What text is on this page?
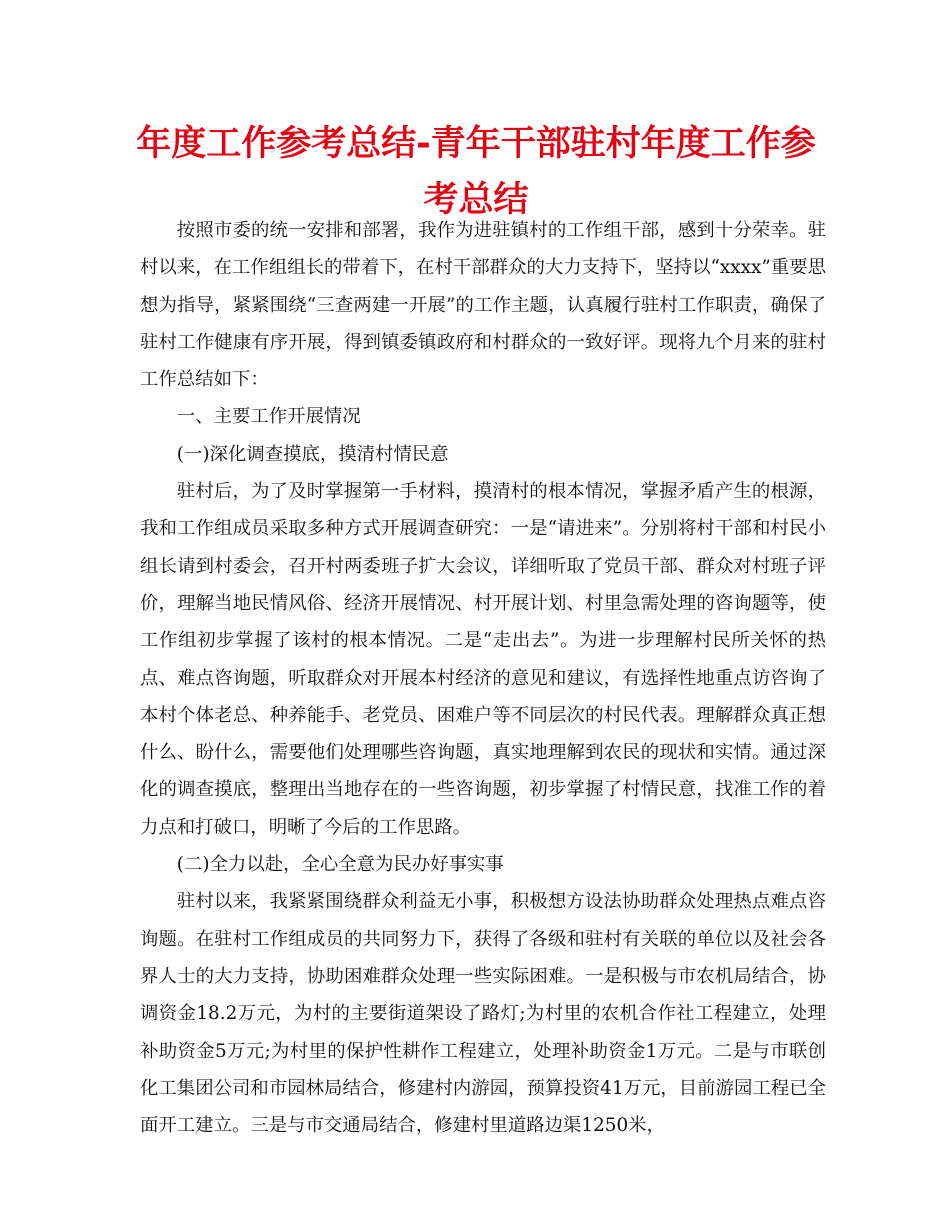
年度工作参考总结-青年干部驻村年度工作参考总结

按照市委的统一安排和部署，我作为进驻镇村的工作组干部，感到十分荣幸。驻村以来，在工作组组长的带着下，在村干部群众的大力支持下，坚持以“xxxx”重要思想为指导，紧紧围绕“三查两建一开展”的工作主题，认真履行驻村工作职责，确保了驻村工作健康有序开展，得到镇委镇政府和村群众的一致好评。现将九个月来的驻村工作总结如下：

一、主要工作开展情况

(一)深化调查摸底，摸清村情民意

驻村后，为了及时掌握第一手材料，摸清村的根本情况，掌握矛盾产生的根源，我和工作组成员采取多种方式开展调查研究：一是“请进来”。分别将村干部和村民小组长请到村委会，召开村两委班子扩大会议，详细听取了党员干部、群众对村班子评价，理解当地民情风俗、经济开展情况、村开展计划、村里急需处理的咨询题等，使工作组初步掌握了该村的根本情况。二是“走出去”。为进一步理解村民所关怀的热点、难点咨询题，听取群众对开展本村经济的意见和建议，有选择性地重点访咨询了本村个体老总、种养能手、老党员、困难户等不同层次的村民代表。理解群众真正想什么、盼什么，需要他们处理哪些咨询题，真实地理解到农民的现状和实情。通过深化的调查摸底，整理出当地存在的一些咨询题，初步掌握了村情民意，找准工作的着力点和打破口，明晰了今后的工作思路。

(二)全力以赴，全心全意为民办好事实事

驻村以来，我紧紧围绕群众利益无小事，积极想方设法协助群众处理热点难点咨询题。在驻村工作组成员的共同努力下，获得了各级和驻村有关联的单位以及社会各界人士的大力支持，协助困难群众处理一些实际困难。一是积极与市农机局结合，协调资金18.2万元，为村的主要街道架设了路灯;为村里的农机合作社工程建立，处理补助资金5万元;为村里的保护性耕作工程建立，处理补助资金1万元。二是与市联创化工集团公司和市园林局结合，修建村内游园，预算投资41万元，目前游园工程已全面开工建立。三是与市交通局结合，修建村里道路边渠1250米，
